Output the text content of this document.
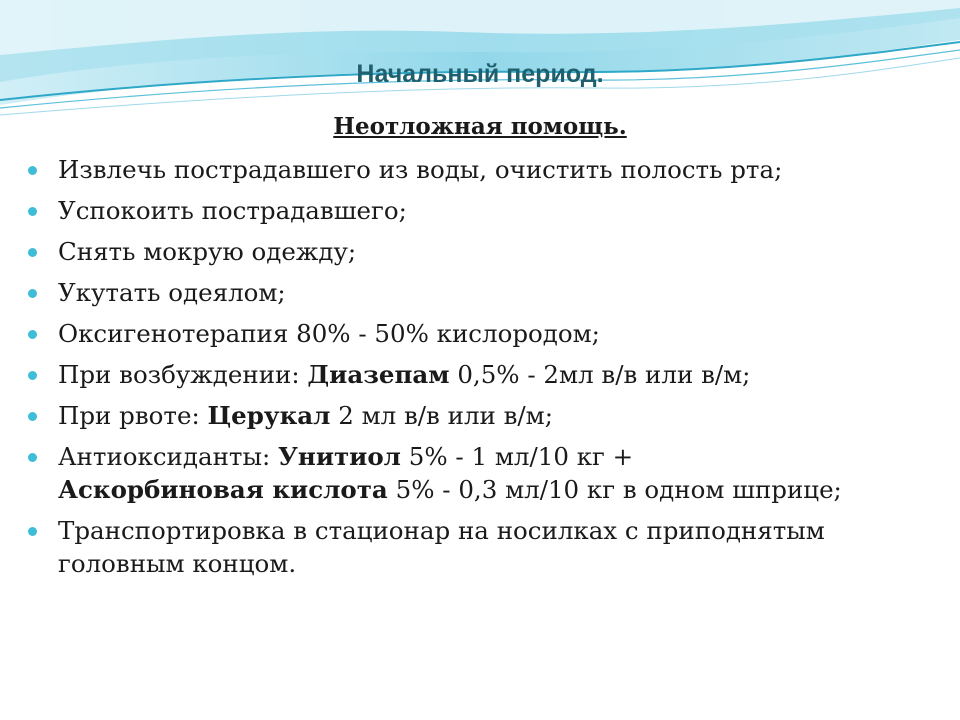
Начальный период.
Неотложная помощь.
Извлечь пострадавшего из воды, очистить полость рта;
Успокоить пострадавшего;
Снять мокрую одежду;
Укутать одеялом;
Оксигенотерапия 80% - 50% кислородом;
При возбуждении: Диазепам 0,5% - 2мл в/в или в/м;
При рвоте: Церукал 2 мл в/в или в/м;
Антиоксиданты: Унитиол 5% - 1 мл/10 кг +
Аскорбиновая кислота 5% - 0,3 мл/10 кг в одном шприце;
Транспортировка в стационар на носилках с приподнятым головным концом.
